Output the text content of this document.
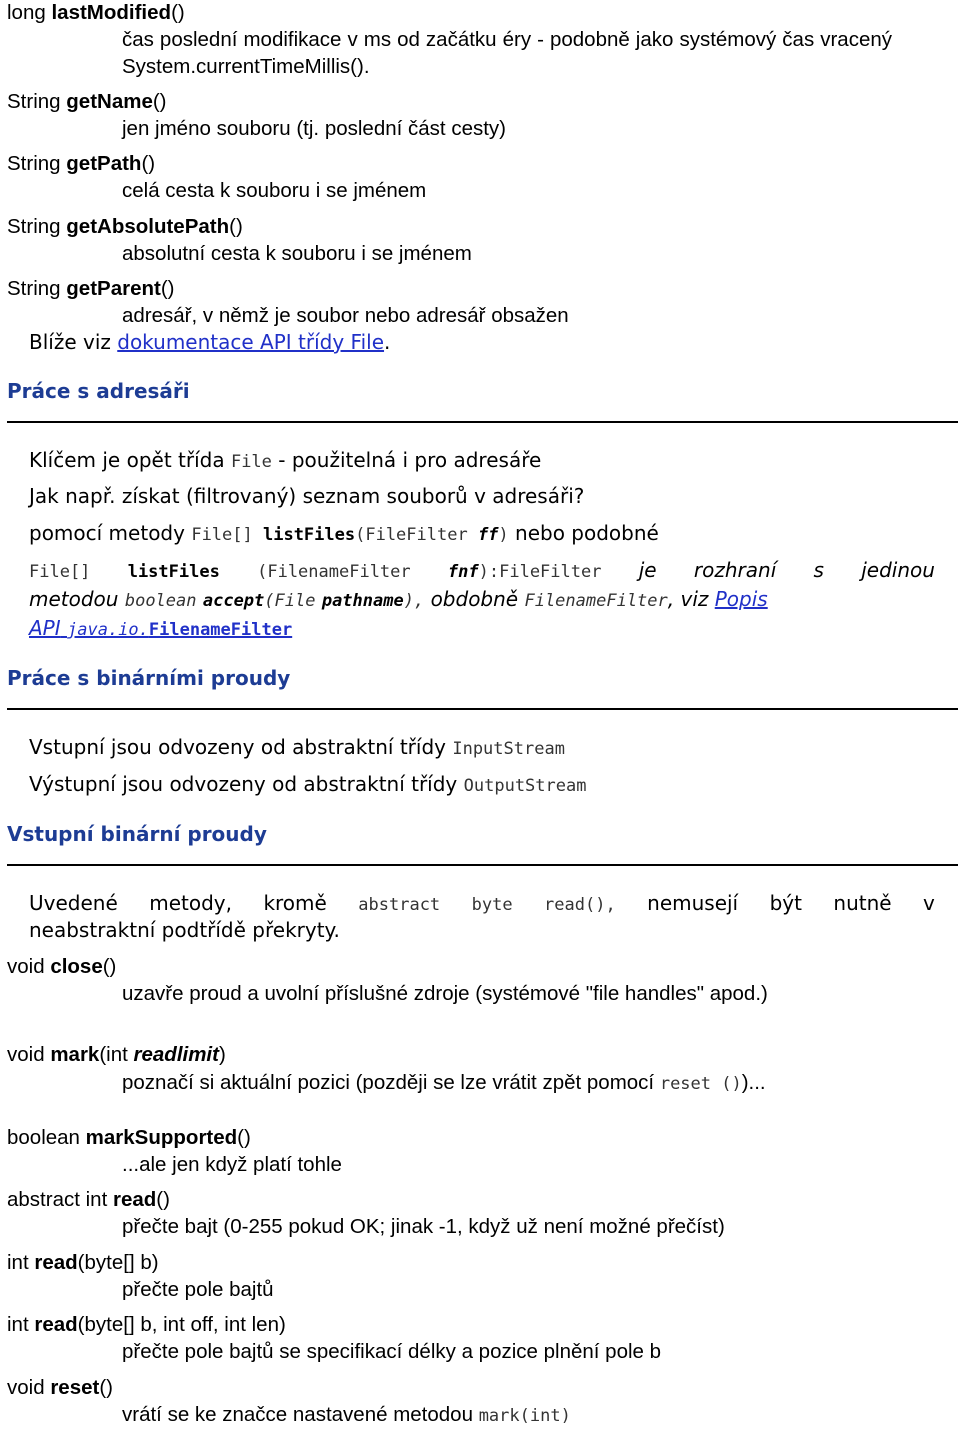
long lastModified()
čas poslední modifikace v ms od začátku éry - podobně jako systémový čas vracený System.currentTimeMillis().
String getName()
jen jméno souboru (tj. poslední část cesty)
String getPath()
celá cesta k souboru i se jménem
String getAbsolutePath()
absolutní cesta k souboru i se jménem
String getParent()
adresář, v němž je soubor nebo adresář obsažen
Blíže viz dokumentace API třídy File.
Práce s adresáři
Klíčem je opět třída File - použitelná i pro adresáře
Jak např. získat (filtrovaný) seznam souborů v adresáři?
pomocí metody File[] listFiles(FileFilter ff) nebo podobné
File[] listFiles (FilenameFilter fnf):FileFilter je rozhraní s jedinou
metodou boolean accept(File pathname), obdobně FilenameFilter, viz Popis
API java.io.FilenameFilter
Práce s binárními proudy
Vstupní jsou odvozeny od abstraktní třídy InputStream
Výstupní jsou odvozeny od abstraktní třídy OutputStream
Vstupní binární proudy
Uvedené metody, kromě abstract byte read(), nemusejí být nutně v
neabstraktní podtřídě překryty.
void close()
uzavře proud a uvolní příslušné zdroje (systémové "file handles" apod.)
void mark(int readlimit)
poznačí si aktuální pozici (později se lze vrátit zpět pomocí reset ())...
boolean markSupported()
...ale jen když platí tohle
abstract int read()
přečte bajt (0-255 pokud OK; jinak -1, když už není možné přečíst)
int read(byte[] b)
přečte pole bajtů
int read(byte[] b, int off, int len)
přečte pole bajtů se specifikací délky a pozice plnění pole b
void reset()
vrátí se ke značce nastavené metodou mark(int)
